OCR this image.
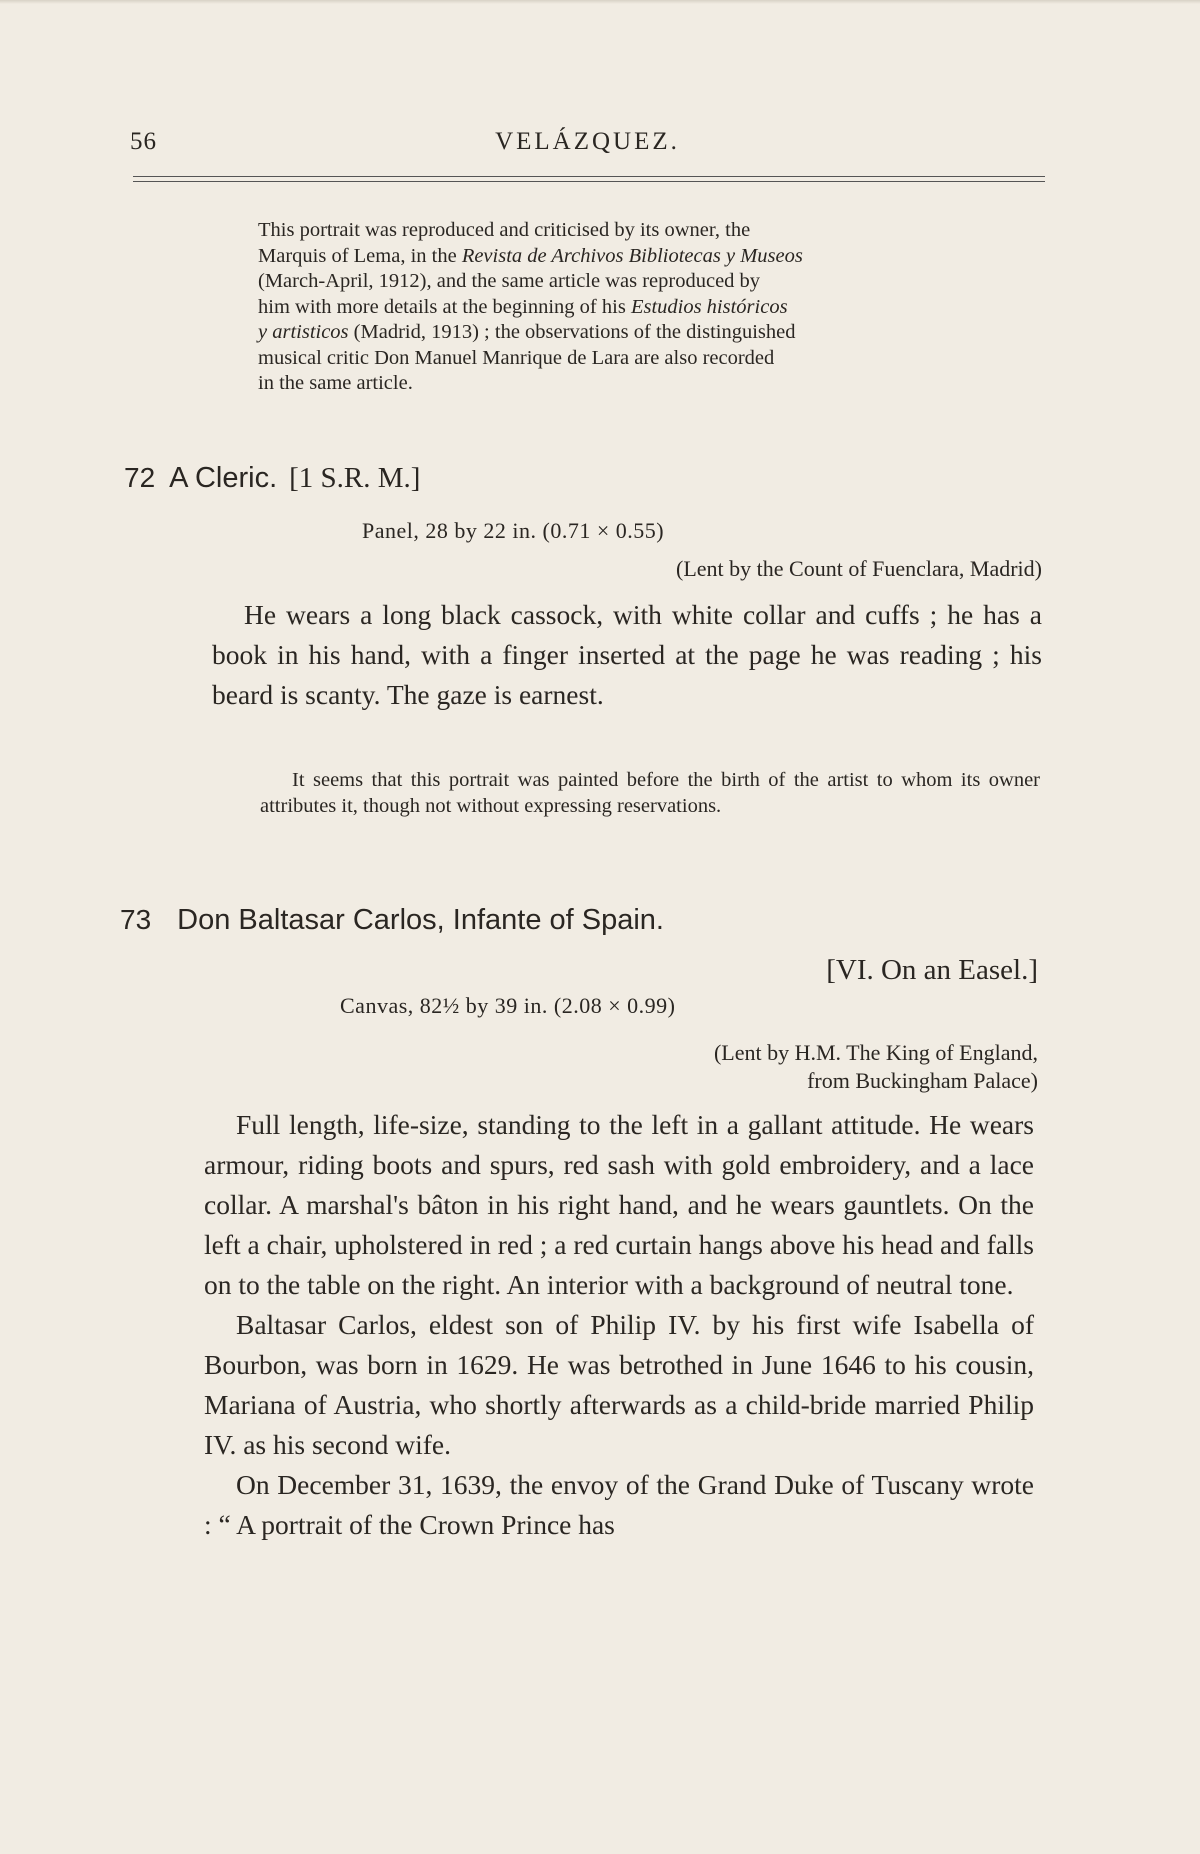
56	VELÁZQUEZ.

This portrait was reproduced and criticised by its owner, the

Marquis of Lema, in the Revista de Archivos Bibliotecas y Museos

(March-April, 1912), and the same article was reproduced by

him with more details at the beginning of his Estudios históricos

y artisticos (Madrid, 1913) ; the observations of the distinguished

musical critic Don Manuel Manrique de Lara are also recorded

in the same article.

72 A Cleric. [1 S.R. M.]
Panel, 28 by 22 in. (0.71 × 0.55)
(Lent by the Count of Fuenclara, Madrid)

He wears a long black cassock, with white collar and cuffs ; he has a book in his hand, with a finger inserted at the page he was reading ; his beard is scanty. The gaze is earnest.

It seems that this portrait was painted before the birth of the artist to whom its owner attributes it, though not without expressing reservations.

73 Don Baltasar Carlos, Infante of Spain.
[VI. On an Easel.]
Canvas, 82½ by 39 in. (2.08 × 0.99)
(Lent by H.M. The King of England,
from Buckingham Palace)

Full length, life-size, standing to the left in a gallant attitude. He wears armour, riding boots and spurs, red sash with gold embroidery, and a lace collar. A marshal's bâton in his right hand, and he wears gauntlets. On the left a chair, upholstered in red ; a red curtain hangs above his head and falls on to the table on the right. An interior with a background of neutral tone.

Baltasar Carlos, eldest son of Philip IV. by his first wife Isabella of Bourbon, was born in 1629. He was betrothed in June 1646 to his cousin, Mariana of Austria, who shortly afterwards as a child-bride married Philip IV. as his second wife.

On December 31, 1639, the envoy of the Grand Duke of Tuscany wrote : “ A portrait of the Crown Prince has
